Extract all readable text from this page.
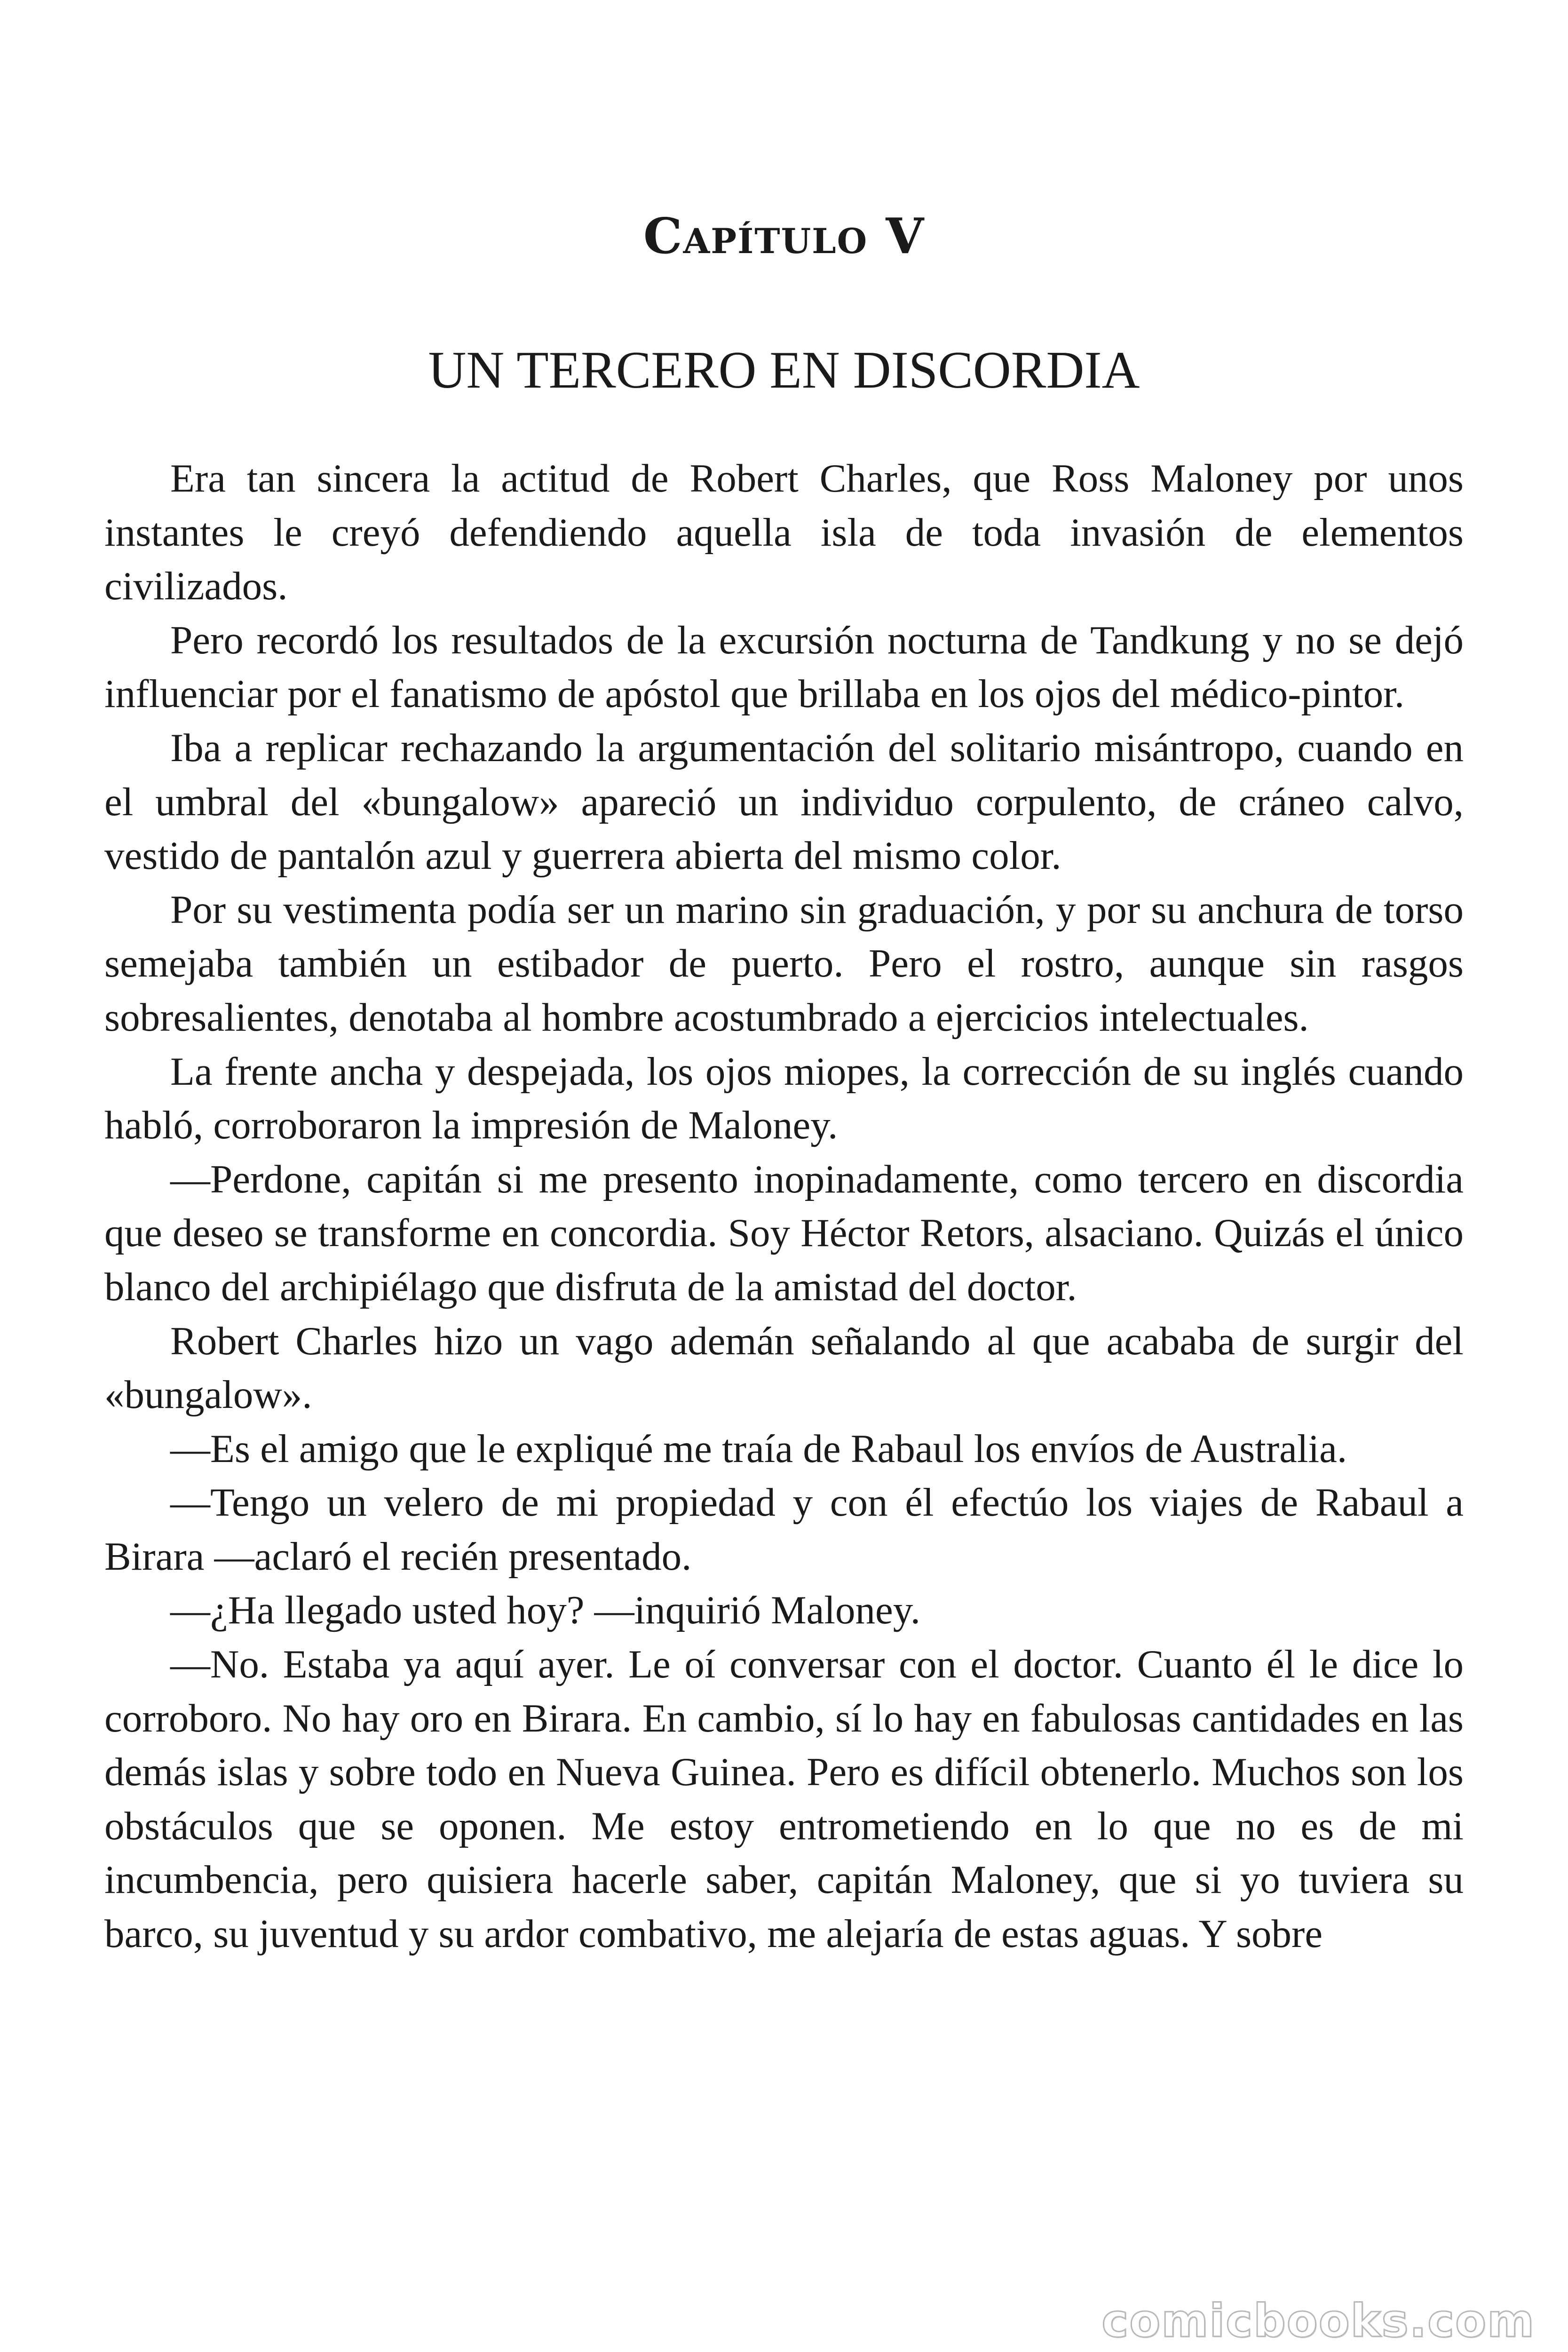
Capítulo V
UN TERCERO EN DISCORDIA

Era tan sincera la actitud de Robert Charles, que Ross Maloney por unos instantes le creyó defendiendo aquella isla de toda invasión de elementos civilizados.

Pero recordó los resultados de la excursión nocturna de Tandkung y no se dejó influenciar por el fanatismo de apóstol que brillaba en los ojos del médico-pintor.

Iba a replicar rechazando la argumentación del solitario misántropo, cuando en el umbral del «bungalow» apareció un individuo corpulento, de cráneo calvo, vestido de pantalón azul y guerrera abierta del mismo color.

Por su vestimenta podía ser un marino sin graduación, y por su anchura de torso semejaba también un estibador de puerto. Pero el rostro, aunque sin rasgos sobresalientes, denotaba al hombre acostumbrado a ejercicios intelectuales.

La frente ancha y despejada, los ojos miopes, la corrección de su inglés cuando habló, corroboraron la impresión de Maloney.

—Perdone, capitán si me presento inopinadamente, como tercero en discordia que deseo se transforme en concordia. Soy Héctor Retors, alsaciano. Quizás el único blanco del archipiélago que disfruta de la amistad del doctor.

Robert Charles hizo un vago ademán señalando al que acababa de surgir del «bungalow».

—Es el amigo que le expliqué me traía de Rabaul los envíos de Australia.

—Tengo un velero de mi propiedad y con él efectúo los viajes de Rabaul a Birara —aclaró el recién presentado.

—¿Ha llegado usted hoy? —inquirió Maloney.

—No. Estaba ya aquí ayer. Le oí conversar con el doctor. Cuanto él le dice lo corroboro. No hay oro en Birara. En cambio, sí lo hay en fabulosas cantidades en las demás islas y sobre todo en Nueva Guinea. Pero es difícil obtenerlo. Muchos son los obstáculos que se oponen. Me estoy entrometiendo en lo que no es de mi incumbencia, pero quisiera hacerle saber, capitán Maloney, que si yo tuviera su barco, su juventud y su ardor combativo, me alejaría de estas aguas. Y sobre

comicbooks.com
